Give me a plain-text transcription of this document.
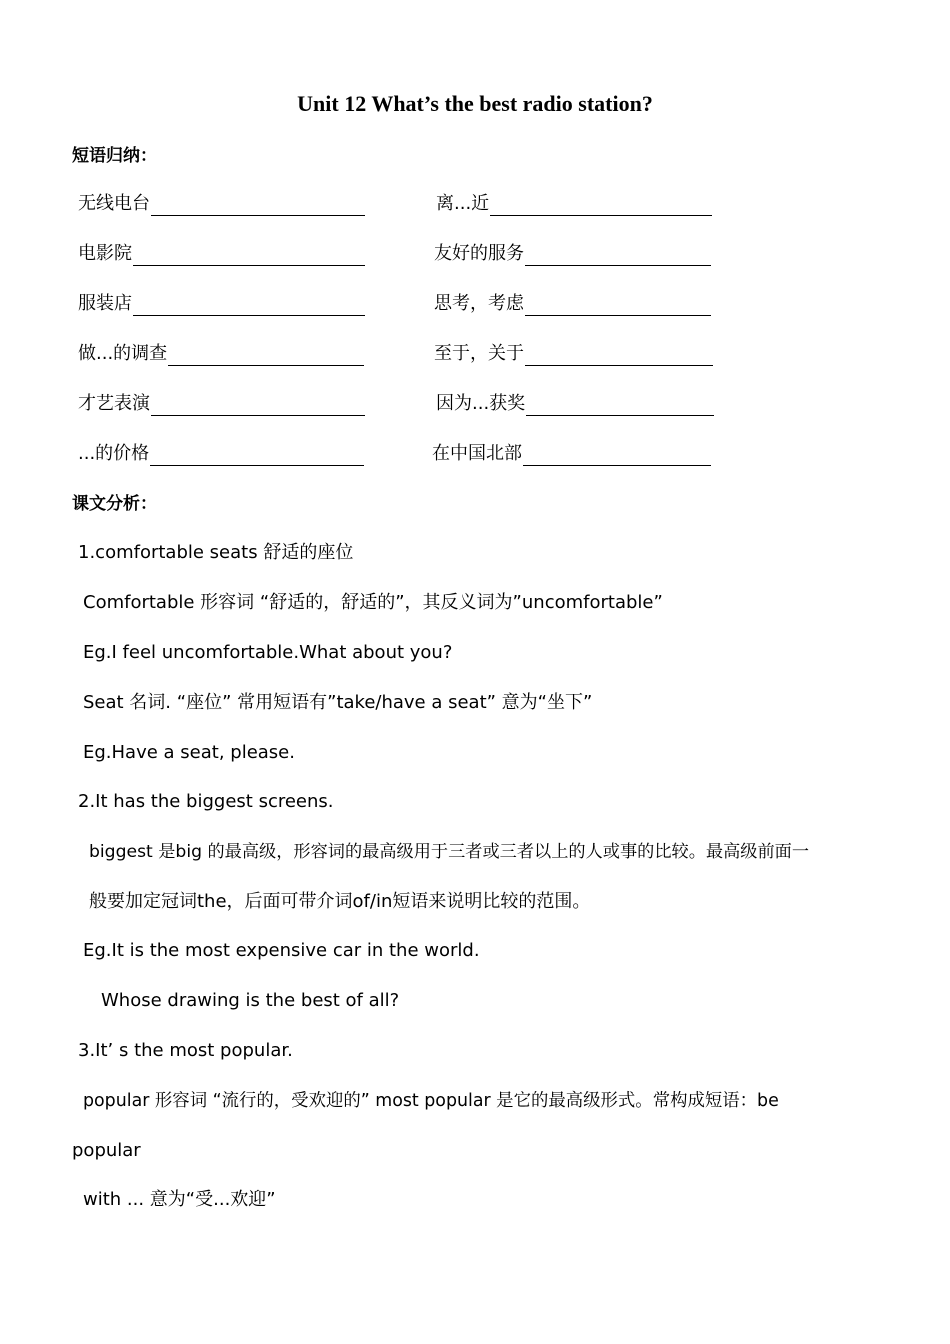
Unit 12 What’s the best radio station?

短语归纳：

无线电台	离...近
电影院	友好的服务
服装店	思考，考虑
做...的调查	至于，关于
才艺表演	因为...获奖
...的价格	在中国北部

课文分析：

1.comfortable seats 舒适的座位

Comfortable 形容词 “舒适的，舒适的”，其反义词为”uncomfortable”

Eg.I feel uncomfortable.What about you?

Seat 名词. “座位” 常用短语有”take/have a seat” 意为“坐下”

Eg.Have a seat, please.

2.It has the biggest screens.

biggest 是big 的最高级，形容词的最高级用于三者或三者以上的人或事的比较。最高级前面一

般要加定冠词the，后面可带介词of/in短语来说明比较的范围。

Eg.It is the most expensive car in the world.

Whose drawing is the best of all?

3.It’ s the most popular.

popular 形容词 “流行的，受欢迎的” most popular 是它的最高级形式。常构成短语：be

popular

with ... 意为“受...欢迎”
